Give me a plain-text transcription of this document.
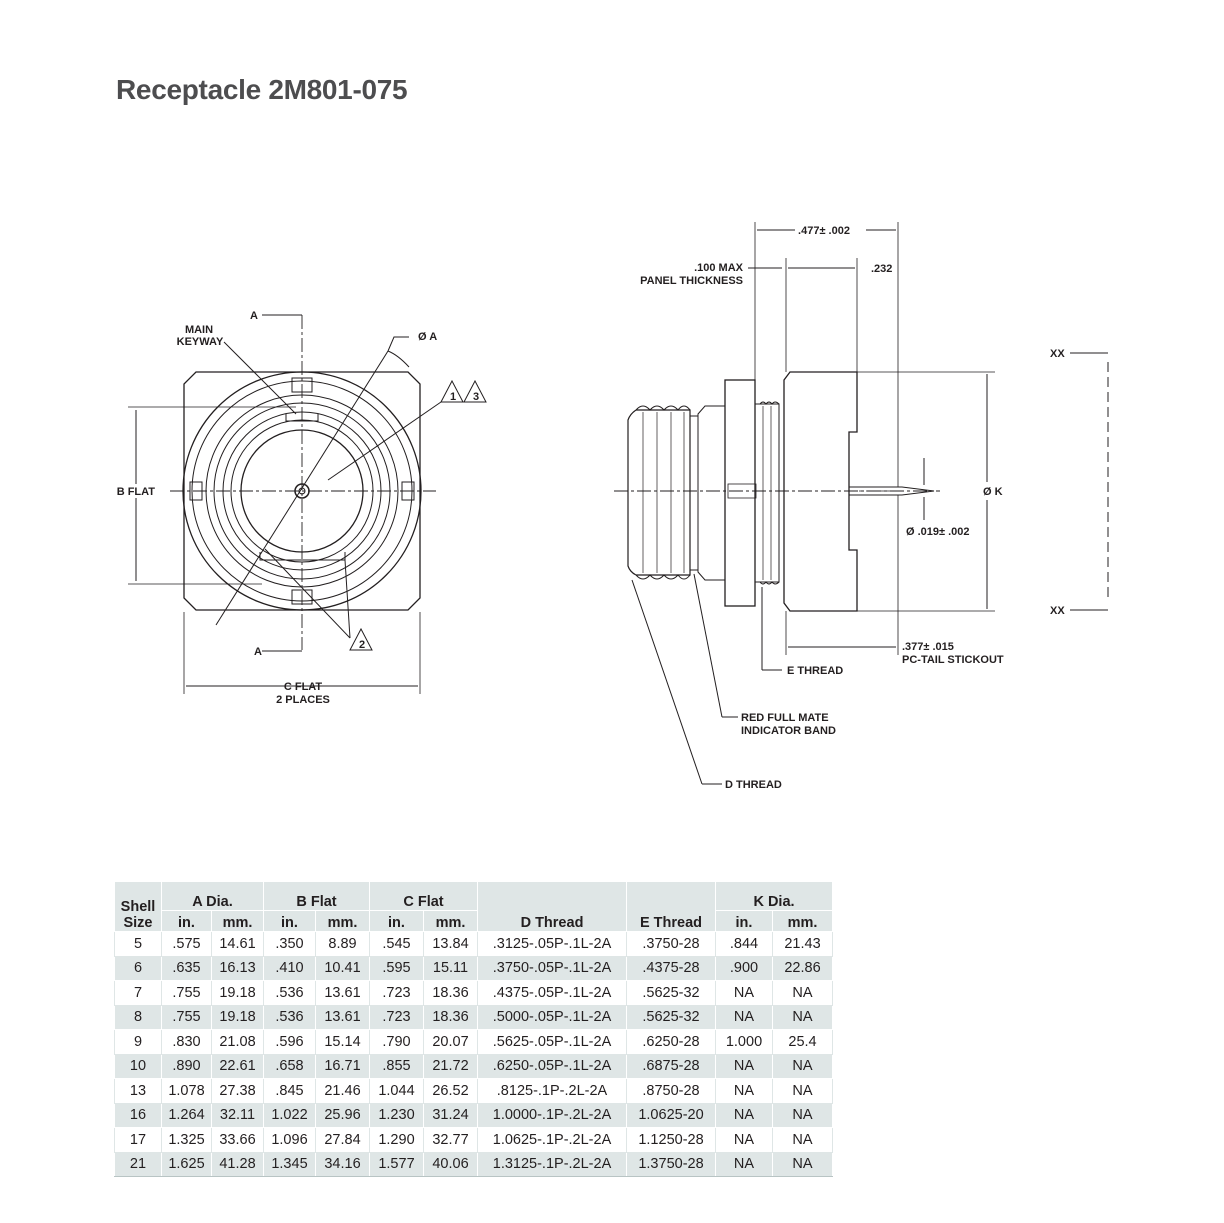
Receptacle 2M801-075
1 3
2
A
A
MAIN
KEYWAY	Ø A
B FLAT
C FLAT
2 PLACES
.477± .002
.100 MAX
PANEL THICKNESS
.232
XX
XX
Ø K
Ø .019± .002
.377± .015
PC-TAIL STICKOUT
E THREAD
RED FULL MATE
INDICATOR BAND
D THREAD
Shell
Size	A Dia.		B Flat		C Flat		D Thread	E Thread	K Dia.	
	in.	mm.	in.	mm.	in.	mm.			in.	mm.
5	.575	14.61	.350	8.89	.545	13.84	.3125-.05P-.1L-2A	.3750-28	.844	21.43
6	.635	16.13	.410	10.41	.595	15.11	.3750-.05P-.1L-2A	.4375-28	.900	22.86
7	.755	19.18	.536	13.61	.723	18.36	.4375-.05P-.1L-2A	.5625-32	NA	NA
8	.755	19.18	.536	13.61	.723	18.36	.5000-.05P-.1L-2A	.5625-32	NA	NA
9	.830	21.08	.596	15.14	.790	20.07	.5625-.05P-.1L-2A	.6250-28	1.000	25.4
10	.890	22.61	.658	16.71	.855	21.72	.6250-.05P-.1L-2A	.6875-28	NA	NA
13	1.078	27.38	.845	21.46	1.044	26.52	.8125-.1P-.2L-2A	.8750-28	NA	NA
16	1.264	32.11	1.022	25.96	1.230	31.24	1.0000-.1P-.2L-2A	1.0625-20	NA	NA
17	1.325	33.66	1.096	27.84	1.290	32.77	1.0625-.1P-.2L-2A	1.1250-28	NA	NA
21	1.625	41.28	1.345	34.16	1.577	40.06	1.3125-.1P-.2L-2A	1.3750-28	NA	NA
